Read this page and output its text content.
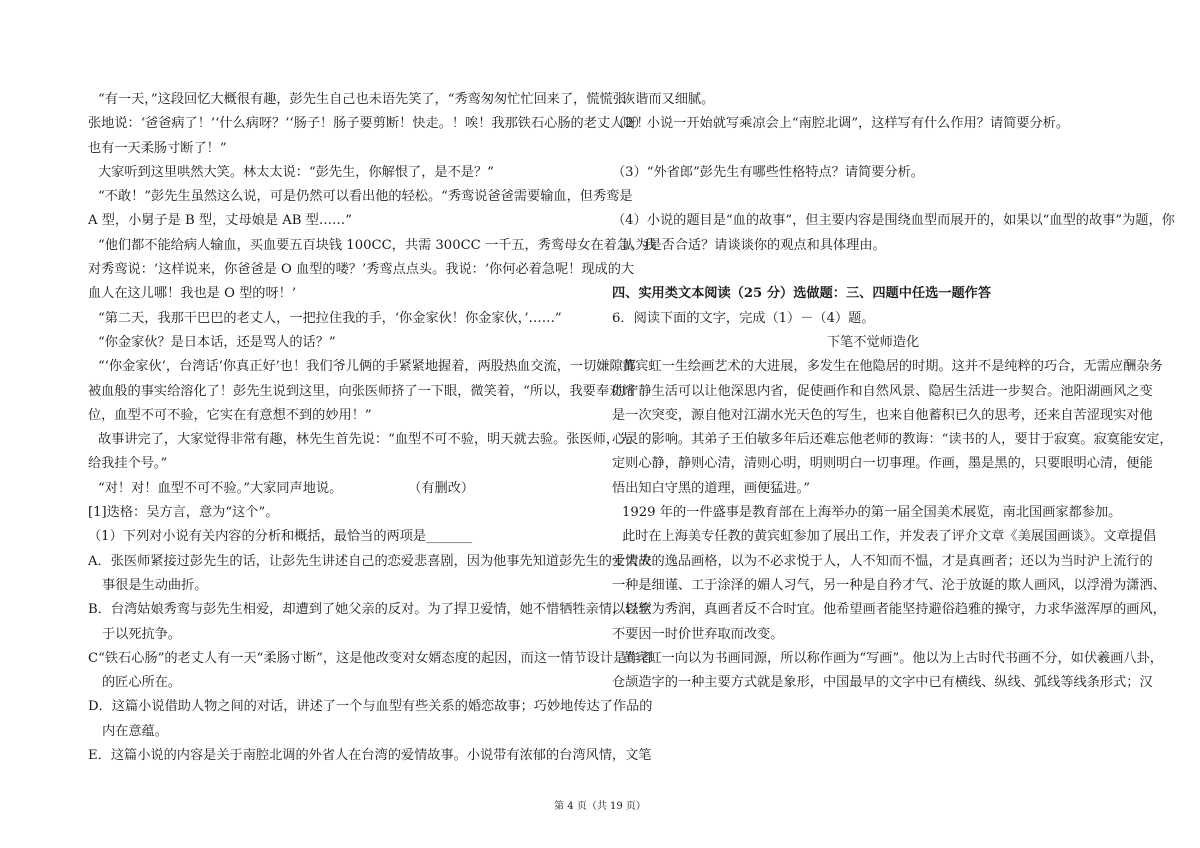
“有一天，”这段回忆大概很有趣，彭先生自己也未语先笑了，“秀鸾匆匆忙忙回来了，慌慌张
张地说：‘爸爸病了！’‘什么病呀？’‘肠子！肠子要剪断！快走。！唉！我那铁石心肠的老丈人呀！
也有一天柔肠寸断了！”
大家听到这里哄然大笑。林太太说：“彭先生，你解恨了，是不是？”
“不敢！”彭先生虽然这么说，可是仍然可以看出他的轻松。“秀鸾说爸爸需要输血，但秀鸾是
A 型，小舅子是 B 型，丈母娘是 AB 型……”
“他们都不能给病人输血，买血要五百块钱 100CC，共需 300CC 一千五，秀鸾母女在着急。我
对秀鸾说：‘这样说来，你爸爸是 O 血型的喽？’秀鸾点点头。我说：‘你何必着急呢！现成的大
血人在这儿哪！我也是 O 型的呀！’
“第二天，我那干巴巴的老丈人，一把拉住我的手，‘你金家伙！你金家伙，’……”
“你金家伙？是日本话，还是骂人的话？”
“‘你金家伙’，台湾话‘你真正好’也！我们爷儿俩的手紧紧地握着，两股热血交流，一切嫌隙都
被血般的事实给溶化了！彭先生说到这里，向张医师挤了一下眼，微笑着，“所以，我要奉劝诸
位，血型不可不验，它实在有意想不到的妙用！”
故事讲完了，大家觉得非常有趣，林先生首先说：“血型不可不验，明天就去验。张医师，先
给我挂个号。”
“对！对！血型不可不验。”大家同声地说。　　　　　　（有删改）
[1]迭格：吴方言，意为“这个”。
（1）下列对小说有关内容的分析和概括，最恰当的两项是_______
A．张医师紧接过彭先生的话，让彭先生讲述自己的恋爱悲喜剧，因为他事先知道彭先生的爱情故
事很是生动曲折。
B．台湾姑娘秀鸾与彭先生相爱，却遭到了她父亲的反对。为了捍卫爱情，她不惜牺牲亲情，以至
于以死抗争。
C“铁石心肠”的老丈人有一天“柔肠寸断”，这是他改变对女婿态度的起因，而这一情节设计是作者
的匠心所在。
D．这篇小说借助人物之间的对话，讲述了一个与血型有些关系的婚恋故事；巧妙地传达了作品的
内在意蕴。
E．这篇小说的内容是关于南腔北调的外省人在台湾的爱情故事。小说带有浓郁的台湾风情，文笔
诙谐而又细腻。
（2）小说一开始就写乘凉会上“南腔北调”，这样写有什么作用？请简要分析。
（3）“外省郎”彭先生有哪些性格特点？请简要分析。
（4）小说的题目是“血的故事”，但主要内容是围绕血型而展开的，如果以“血型的故事”为题，你
认为是否合适？请谈谈你的观点和具体理由。
四、实用类文本阅读（25 分）选做题：三、四题中任选一题作答
6．阅读下面的文字，完成（1）－（4）题。
下笔不觉师造化
黄宾虹一生绘画艺术的大进展，多发生在他隐居的时期。这并不是纯粹的巧合，无需应酬杂务
的宁静生活可以让他深思内省，促使画作和自然风景、隐居生活进一步契合。池阳湖画风之变
是一次突变，源自他对江湖水光天色的写生，也来自他蓄积已久的思考，还来自苦涩现实对他
心灵的影响。其弟子王伯敏多年后还难忘他老师的教诲：“读书的人，要甘于寂寞。寂寞能安定，
定则心静，静则心清，清则心明，明则明白一切事理。作画，墨是黑的，只要眼明心清，便能
悟出知白守黑的道理，画便猛进。”
1929 年的一件盛事是教育部在上海举办的第一届全国美术展览，南北国画家都参加。
此时在上海美专任教的黄宾虹参加了展出工作，并发表了评介文章《美展国画谈》。文章提倡
士大夫的逸品画格，以为不必求悦于人，人不知而不愠，才是真画者；还以为当时沪上流行的
一种是细谨、工于涂泽的媚人习气，另一种是自矜才气、沦于放诞的欺人画风，以浮滑为潇洒、
以轻软为秀润，真画者反不合时宜。他希望画者能坚持避俗趋雅的操守，力求华滋浑厚的画风，
不要因一时价世弃取而改变。
黄宾虹一向以为书画同源，所以称作画为“写画”。他以为上古时代书画不分，如伏羲画八卦，
仓颉造字的一种主要方式就是象形，中国最早的文字中已有横线、纵线、弧线等线条形式；汉
第 4 页（共 19 页）
